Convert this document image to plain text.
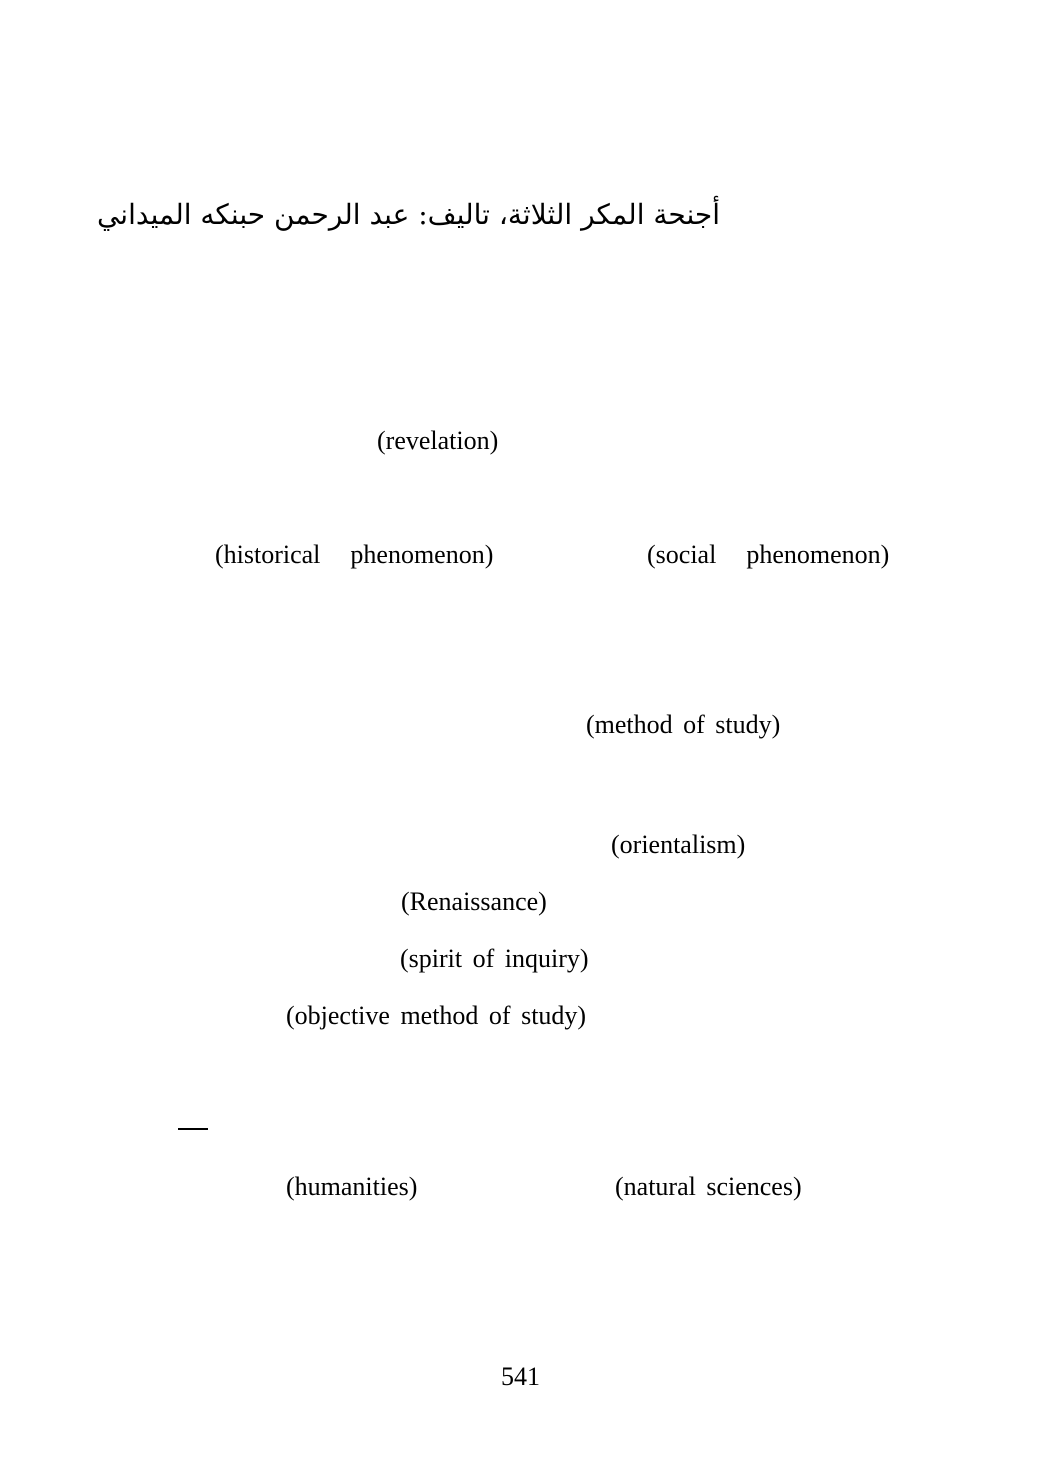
أجنحة المكر الثلاثة، تاليف: عبد الرحمن حبنكه الميداني
(revelation)
(historical phenomenon)	(social phenomenon)
(method of study)
(orientalism)
(Renaissance)
(spirit of inquiry)
(objective method of study)
(humanities)	(natural sciences)
541
